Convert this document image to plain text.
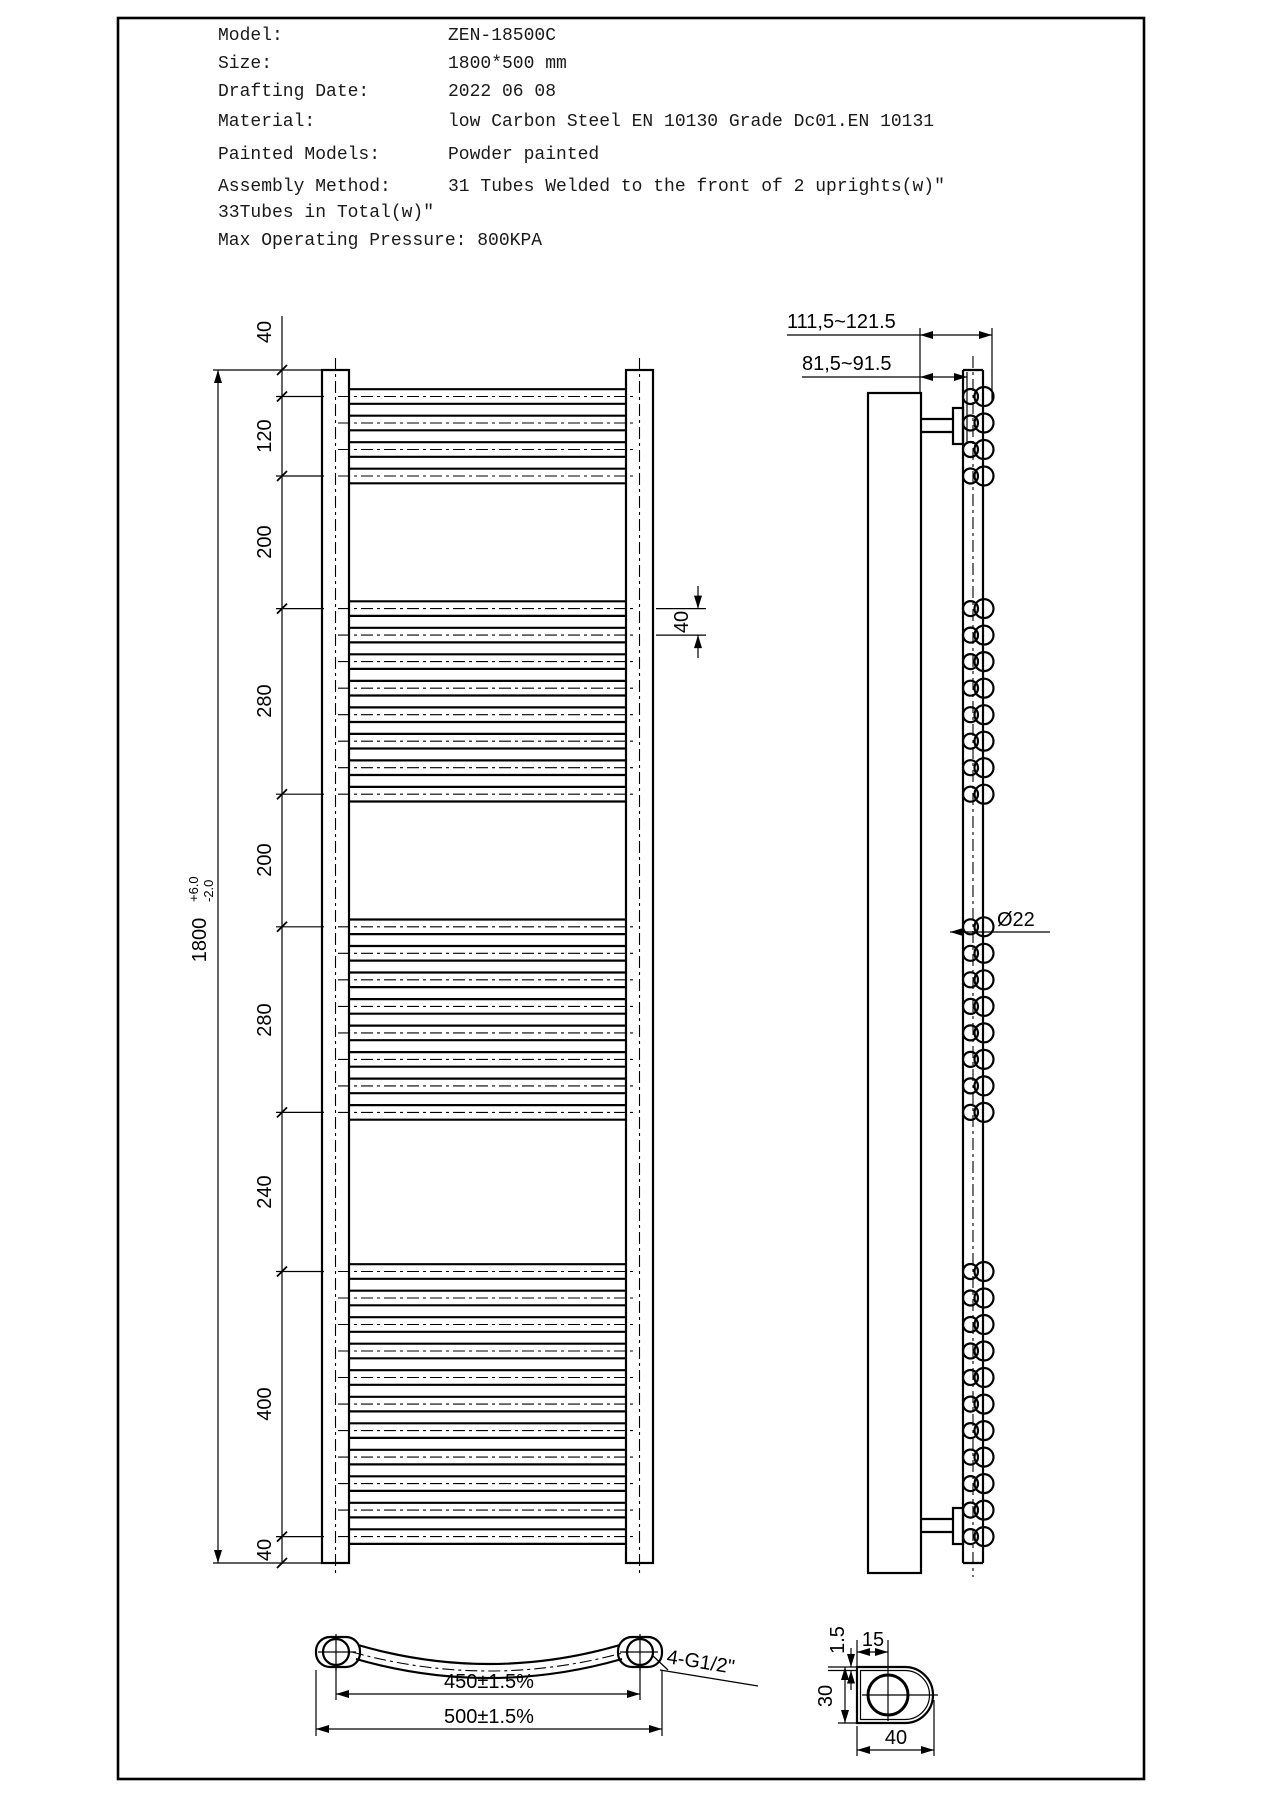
1800
+6.0 -2.0
40
120
200
280
200
280
240
400
40
40
111,5~121.5
81,5~91.5
Ø22
450±1.5%
500±1.5%
4-G1/2"
1.5 15
30
40
Model:	ZEN-18500C
Size:	1800*500 mm
Drafting Date:	2022 06 08
Material:	low Carbon Steel EN 10130 Grade Dc01.EN 10131
Painted Models:	Powder painted
Assembly Method:	31 Tubes Welded to the front of 2 uprights(w)"
33Tubes in Total(w)"
Max Operating Pressure: 800KPA
